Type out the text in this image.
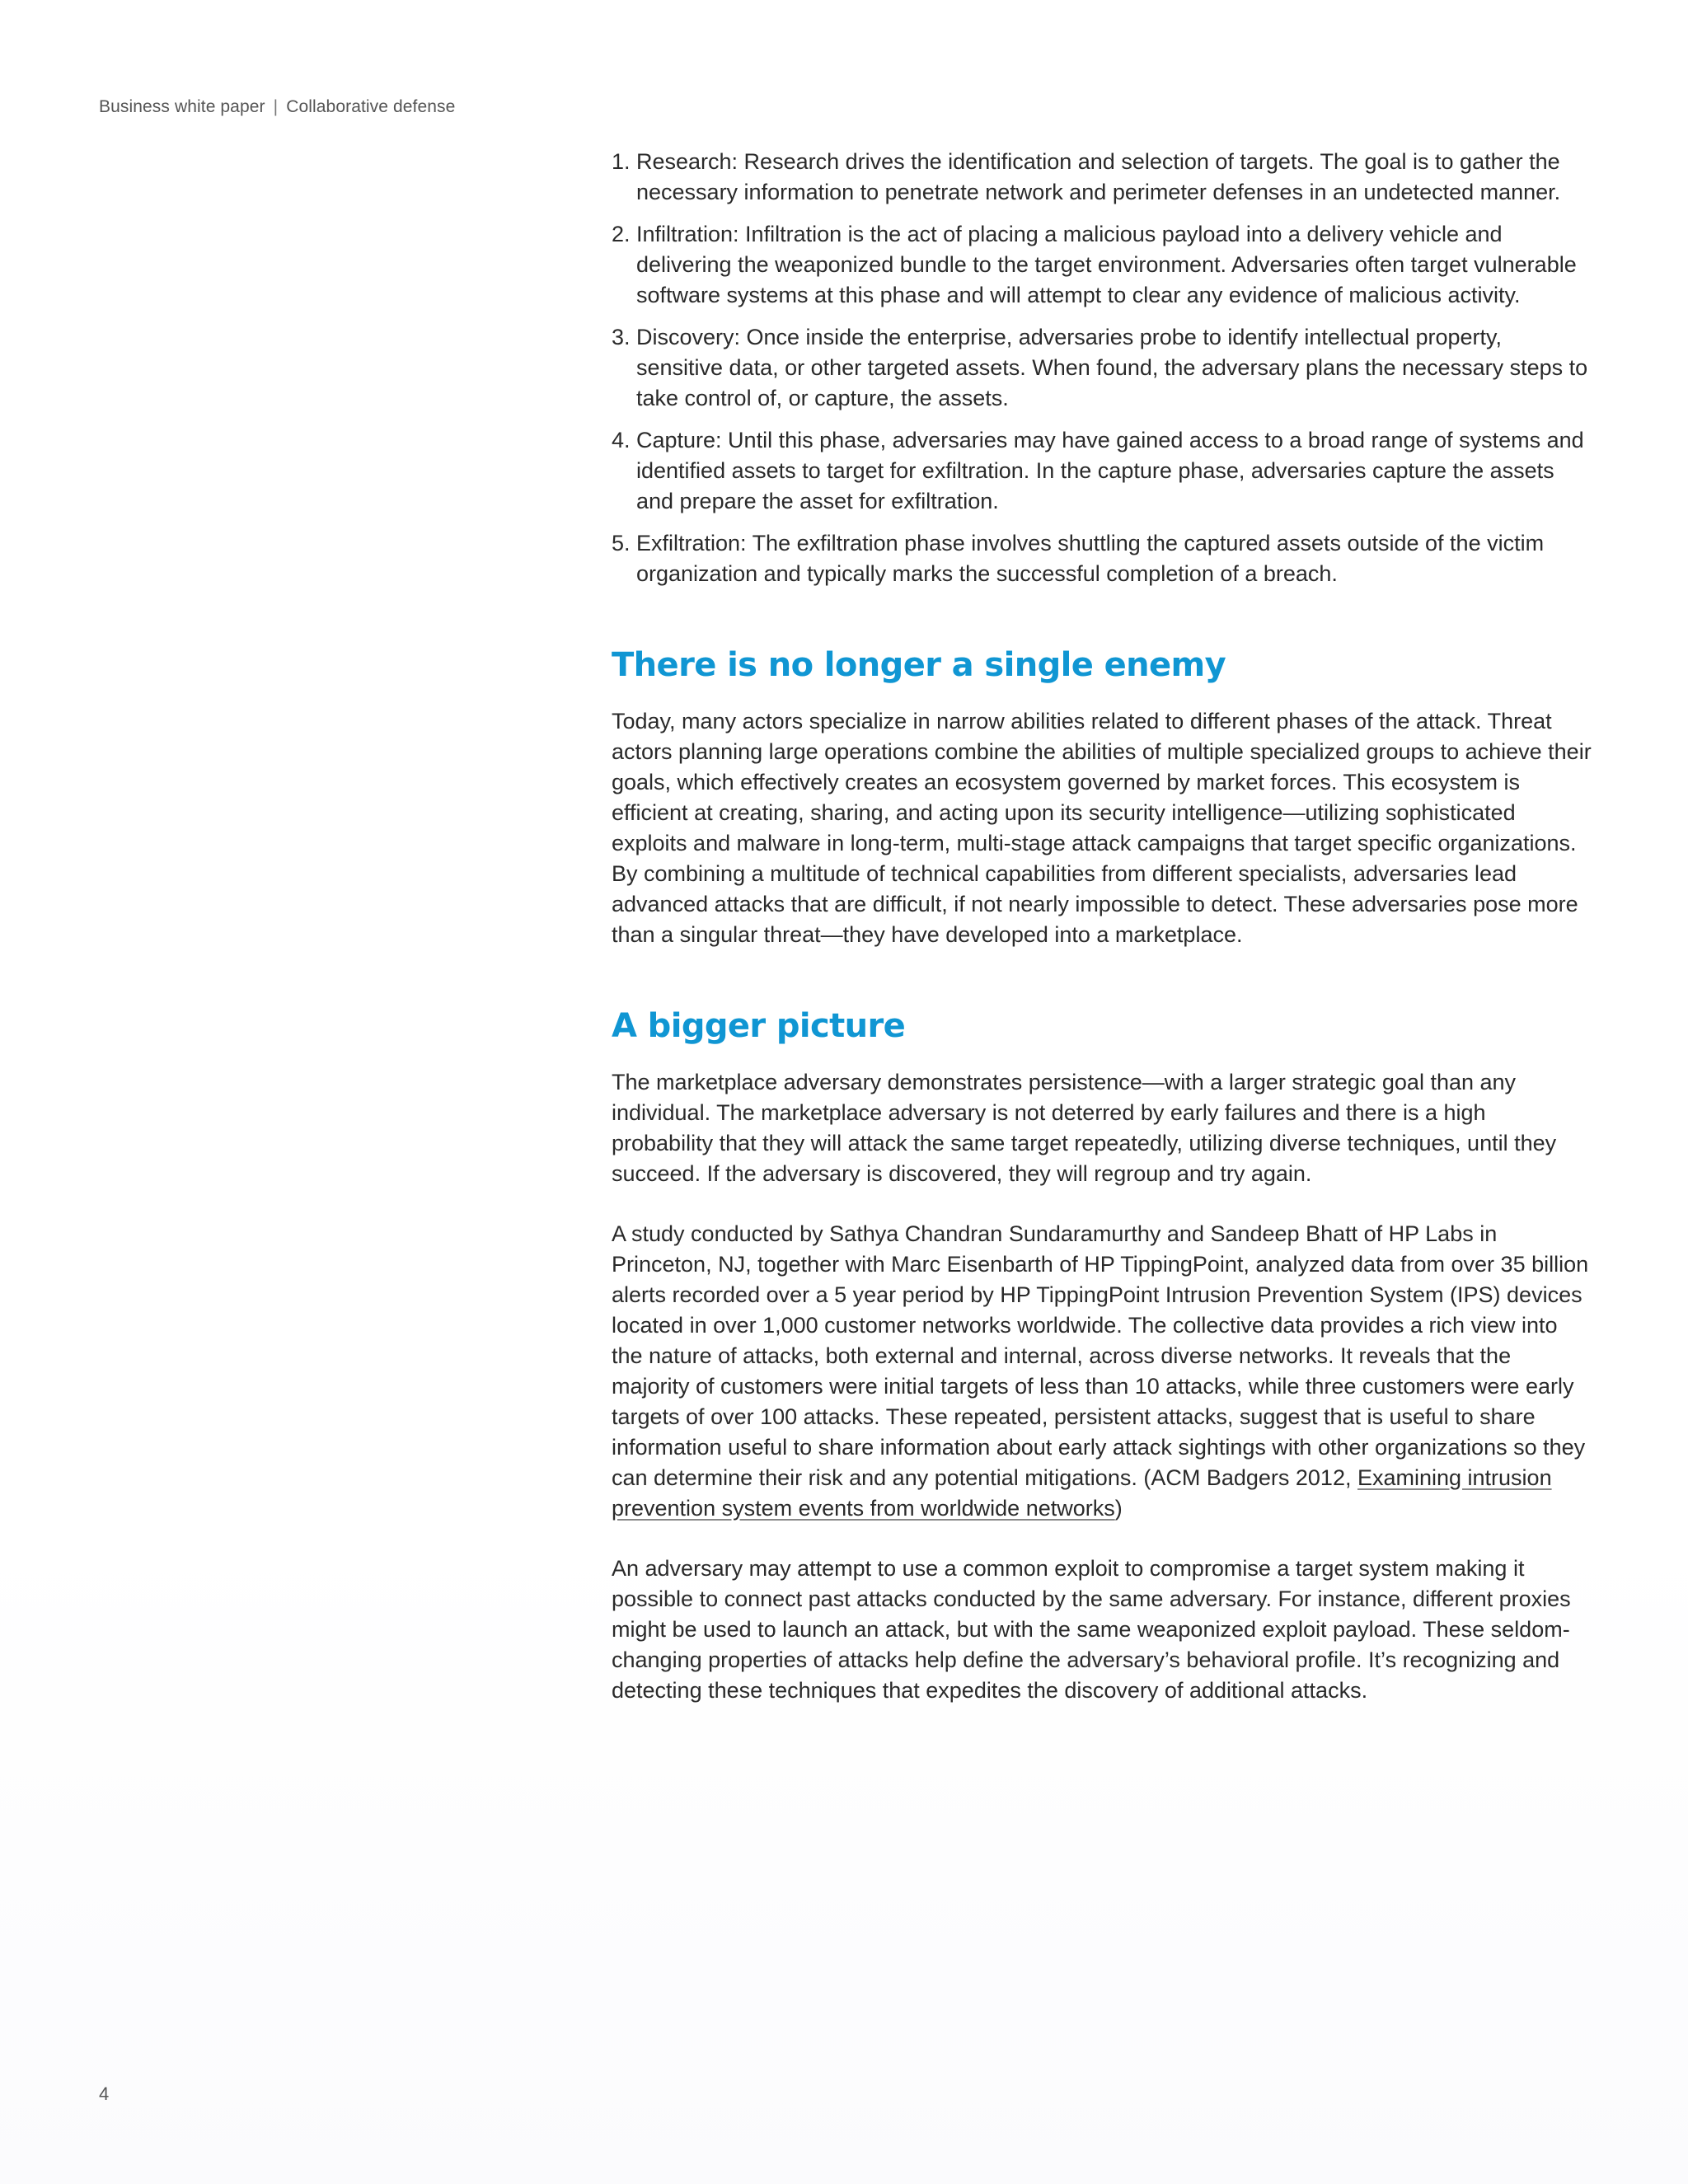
Business white paper | Collaborative defense
1. Research: Research drives the identification and selection of targets. The goal is to gather the necessary information to penetrate network and perimeter defenses in an undetected manner.
2. Infiltration: Infiltration is the act of placing a malicious payload into a delivery vehicle and delivering the weaponized bundle to the target environment. Adversaries often target vulnerable software systems at this phase and will attempt to clear any evidence of malicious activity.
3. Discovery: Once inside the enterprise, adversaries probe to identify intellectual property, sensitive data, or other targeted assets. When found, the adversary plans the necessary steps to take control of, or capture, the assets.
4. Capture: Until this phase, adversaries may have gained access to a broad range of systems and identified assets to target for exfiltration. In the capture phase, adversaries capture the assets and prepare the asset for exfiltration.
5. Exfiltration: The exfiltration phase involves shuttling the captured assets outside of the victim organization and typically marks the successful completion of a breach.
There is no longer a single enemy

Today, many actors specialize in narrow abilities related to different phases of the attack. Threat actors planning large operations combine the abilities of multiple specialized groups to achieve their goals, which effectively creates an ecosystem governed by market forces. This ecosystem is efficient at creating, sharing, and acting upon its security intelligence—utilizing sophisticated exploits and malware in long-term, multi-stage attack campaigns that target specific organizations. By combining a multitude of technical capabilities from different specialists, adversaries lead advanced attacks that are difficult, if not nearly impossible to detect. These adversaries pose more than a singular threat—they have developed into a marketplace.

A bigger picture

The marketplace adversary demonstrates persistence—with a larger strategic goal than any individual. The marketplace adversary is not deterred by early failures and there is a high probability that they will attack the same target repeatedly, utilizing diverse techniques, until they succeed. If the adversary is discovered, they will regroup and try again.

A study conducted by Sathya Chandran Sundaramurthy and Sandeep Bhatt of HP Labs in Princeton, NJ, together with Marc Eisenbarth of HP TippingPoint, analyzed data from over 35 billion alerts recorded over a 5 year period by HP TippingPoint Intrusion Prevention System (IPS) devices located in over 1,000 customer networks worldwide. The collective data provides a rich view into the nature of attacks, both external and internal, across diverse networks. It reveals that the majority of customers were initial targets of less than 10 attacks, while three customers were early targets of over 100 attacks. These repeated, persistent attacks, suggest that is useful to share information useful to share information about early attack sightings with other organizations so they can determine their risk and any potential mitigations. (ACM Badgers 2012, Examining intrusion prevention system events from worldwide networks)

An adversary may attempt to use a common exploit to compromise a target system making it possible to connect past attacks conducted by the same adversary. For instance, different proxies might be used to launch an attack, but with the same weaponized exploit payload. These seldom-changing properties of attacks help define the adversary’s behavioral profile. It’s recognizing and detecting these techniques that expedites the discovery of additional attacks.

4
